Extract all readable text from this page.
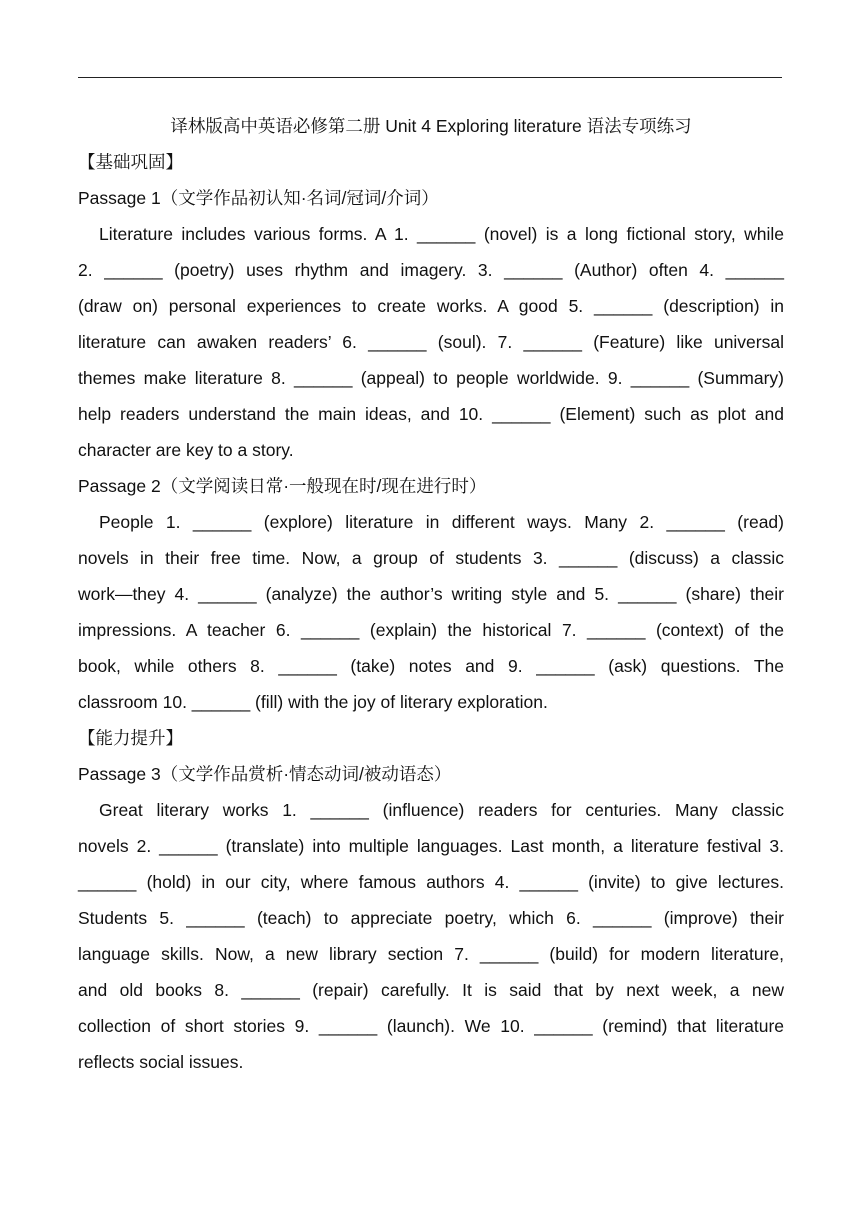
译林版高中英语必修第二册 Unit 4 Exploring literature 语法专项练习

【基础巩固】

Passage 1（文学作品初认知·名词/冠词/介词）

Literature includes various forms. A 1. ______ (novel) is a long fictional story, while
2. ______ (poetry) uses rhythm and imagery. 3. ______ (Author) often 4. ______
(draw on) personal experiences to create works. A good 5. ______ (description) in
literature can awaken readers’ 6. ______ (soul). 7. ______ (Feature) like universal
themes make literature 8. ______ (appeal) to people worldwide. 9. ______ (Summary)
help readers understand the main ideas, and 10. ______ (Element) such as plot and
character are key to a story.

Passage 2（文学阅读日常·一般现在时/现在进行时）

People 1. ______ (explore) literature in different ways. Many 2. ______ (read)
novels in their free time. Now, a group of students 3. ______ (discuss) a classic
work—they 4. ______ (analyze) the author’s writing style and 5. ______ (share) their
impressions. A teacher 6. ______ (explain) the historical 7. ______ (context) of the
book, while others 8. ______ (take) notes and 9. ______ (ask) questions. The
classroom 10. ______ (fill) with the joy of literary exploration.

【能力提升】

Passage 3（文学作品赏析·情态动词/被动语态）

Great literary works 1. ______ (influence) readers for centuries. Many classic
novels 2. ______ (translate) into multiple languages. Last month, a literature festival 3.
______ (hold) in our city, where famous authors 4. ______ (invite) to give lectures.
Students 5. ______ (teach) to appreciate poetry, which 6. ______ (improve) their
language skills. Now, a new library section 7. ______ (build) for modern literature,
and old books 8. ______ (repair) carefully. It is said that by next week, a new
collection of short stories 9. ______ (launch). We 10. ______ (remind) that literature
reflects social issues.
